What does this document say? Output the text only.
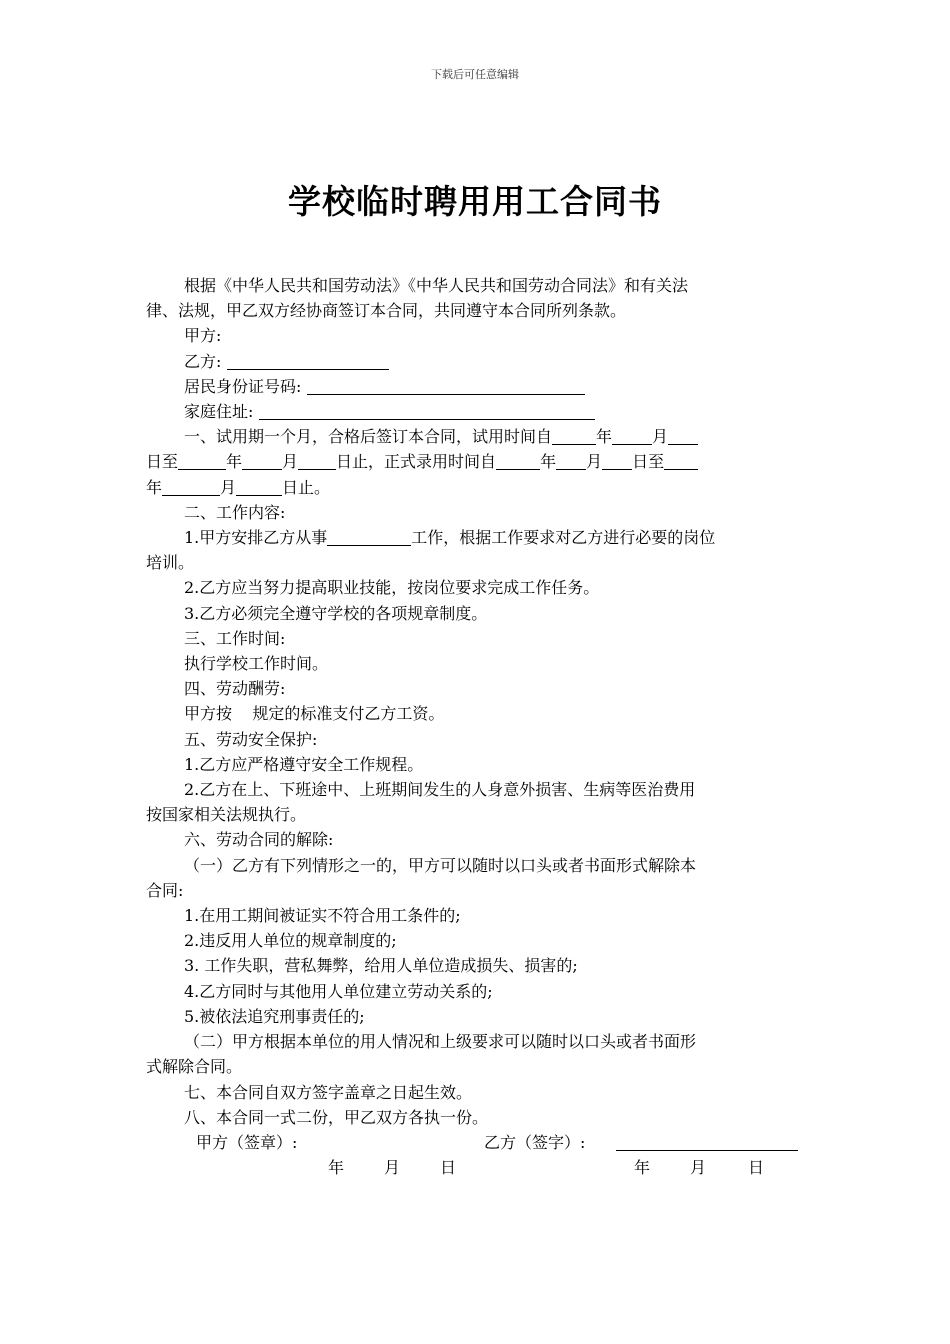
下载后可任意编辑
学校临时聘用用工合同书

根据《中华人民共和国劳动法》《中华人民共和国劳动合同法》和有关法

律、法规，甲乙双方经协商签订本合同，共同遵守本合同所列条款。

甲方:

乙方:

居民身份证号码:

家庭住址:

一、试用期一个月，合格后签订本合同，试用时间自	年	月

日至	年	月 日止，正式录用时间自	年 月 日至

年	月	日止。

二、工作内容:

1.甲方安排乙方从事	工作，根据工作要求对乙方进行必要的岗位

培训。

2.乙方应当努力提高职业技能，按岗位要求完成工作任务。

3.乙方必须完全遵守学校的各项规章制度。

三、工作时间:

执行学校工作时间。

四、劳动酬劳:

甲方按    规定的标准支付乙方工资。

五、劳动安全保护:

1.乙方应严格遵守安全工作规程。

2.乙方在上、下班途中、上班期间发生的人身意外损害、生病等医治费用

按国家相关法规执行。

六、劳动合同的解除:

（一）乙方有下列情形之一的，甲方可以随时以口头或者书面形式解除本

合同:

1.在用工期间被证实不符合用工条件的;

2.违反用人单位的规章制度的;

3. 工作失职，营私舞弊，给用人单位造成损失、损害的;

4.乙方同时与其他用人单位建立劳动关系的;

5.被依法追究刑事责任的;

（二）甲方根据本单位的用人情况和上级要求可以随时以口头或者书面形

式解除合同。

七、本合同自双方签字盖章之日起生效。

八、本合同一式二份，甲乙双方各执一份。

甲方（签章）:	乙方（签字）:
年 月 日	年 月	日
